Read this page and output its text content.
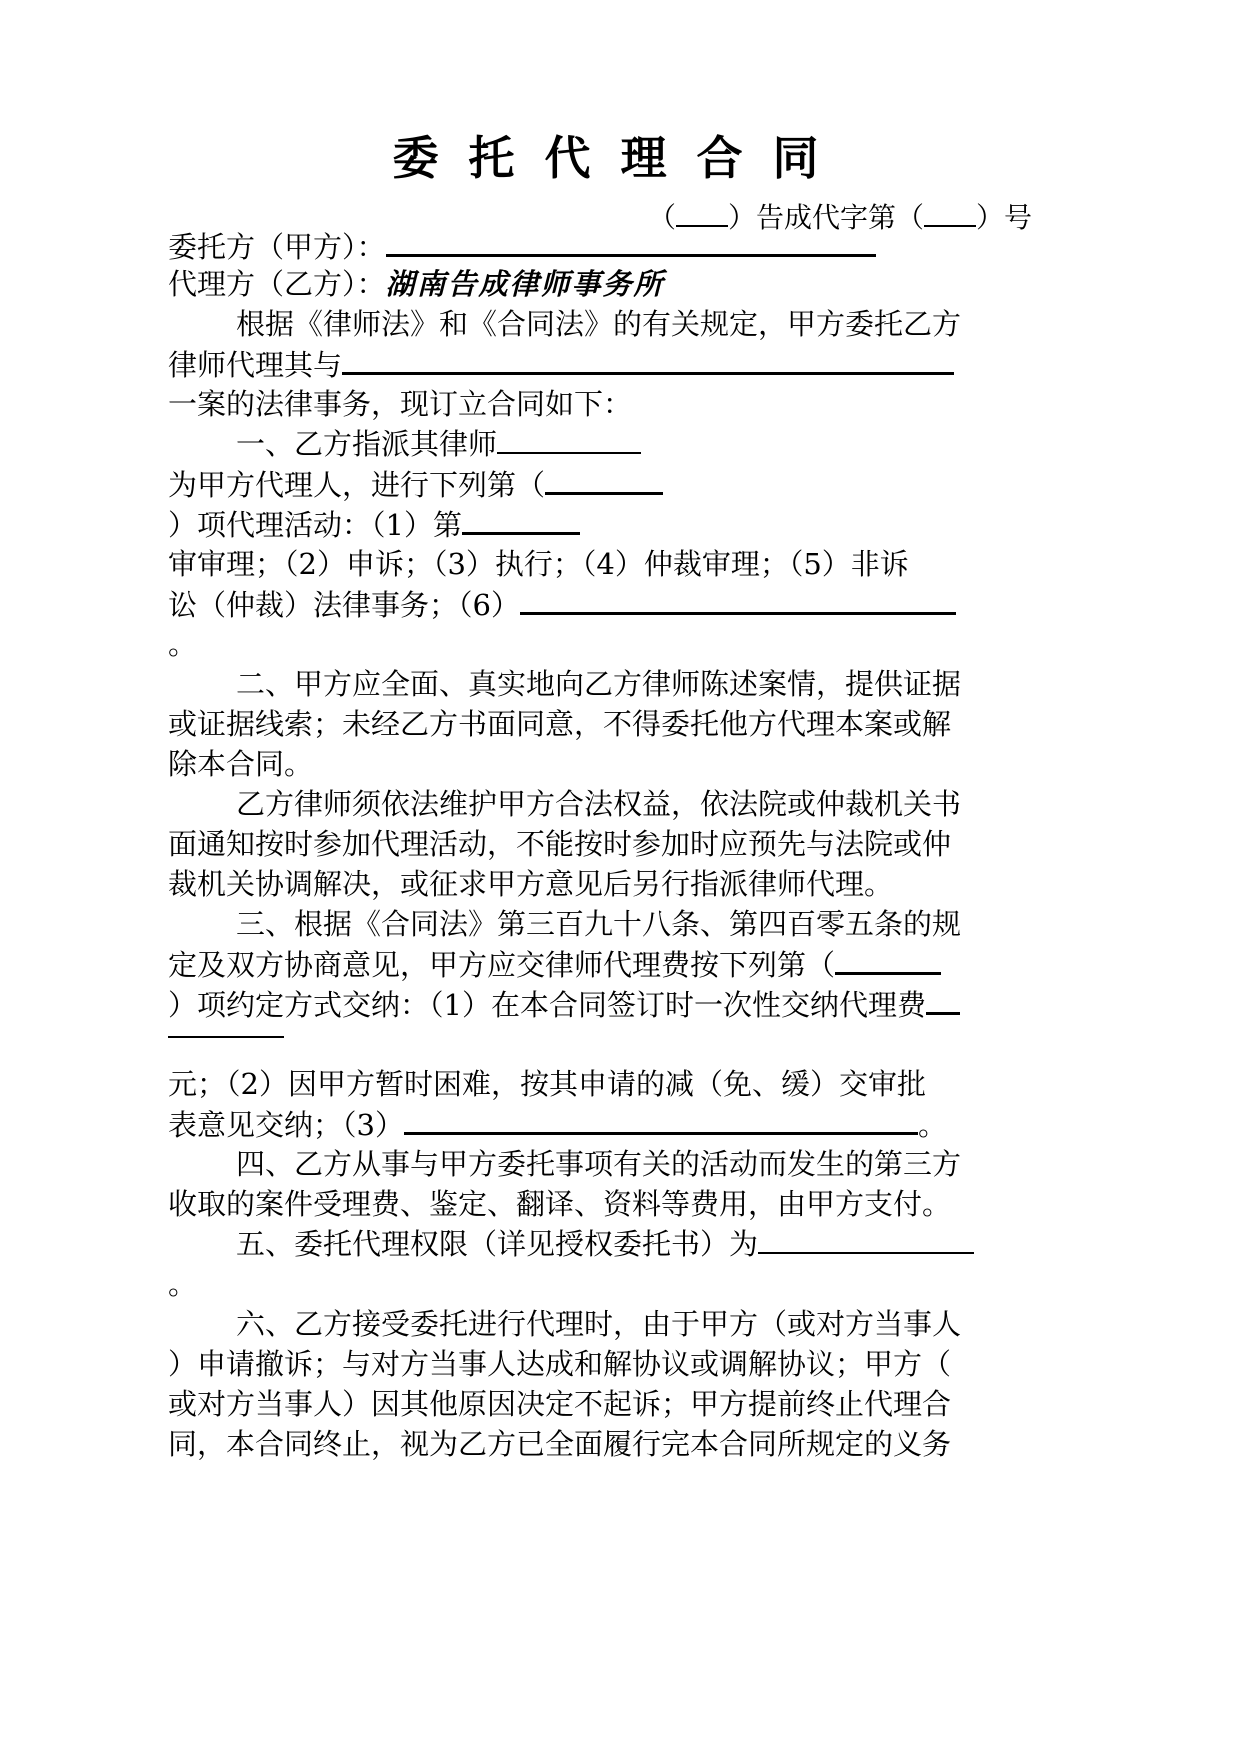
委托代理合同
（ ）告成代字第（ ）号
委托方（甲方）：
代理方（乙方）：湖南告成律师事务所
根据《律师法》和《合同法》的有关规定，甲方委托乙方
律师代理其与
一案的法律事务，现订立合同如下：
一、乙方指派其律师
为甲方代理人，进行下列第（
）项代理活动：（1）第
审审理；（2）申诉；（3）执行；（4）仲裁审理；（5）非诉
讼（仲裁）法律事务；（6）
。
二、甲方应全面、真实地向乙方律师陈述案情，提供证据
或证据线索；未经乙方书面同意，不得委托他方代理本案或解
除本合同。
乙方律师须依法维护甲方合法权益，依法院或仲裁机关书
面通知按时参加代理活动，不能按时参加时应预先与法院或仲
裁机关协调解决，或征求甲方意见后另行指派律师代理。
三、根据《合同法》第三百九十八条、第四百零五条的规
定及双方协商意见，甲方应交律师代理费按下列第（
）项约定方式交纳：（1）在本合同签订时一次性交纳代理费
元；（2）因甲方暂时困难，按其申请的减（免、缓）交审批
表意见交纳；（3）	。
四、乙方从事与甲方委托事项有关的活动而发生的第三方
收取的案件受理费、鉴定、翻译、资料等费用，由甲方支付。
五、委托代理权限（详见授权委托书）为
。
六、乙方接受委托进行代理时，由于甲方（或对方当事人
）申请撤诉；与对方当事人达成和解协议或调解协议；甲方（
或对方当事人）因其他原因决定不起诉；甲方提前终止代理合
同，本合同终止，视为乙方已全面履行完本合同所规定的义务
